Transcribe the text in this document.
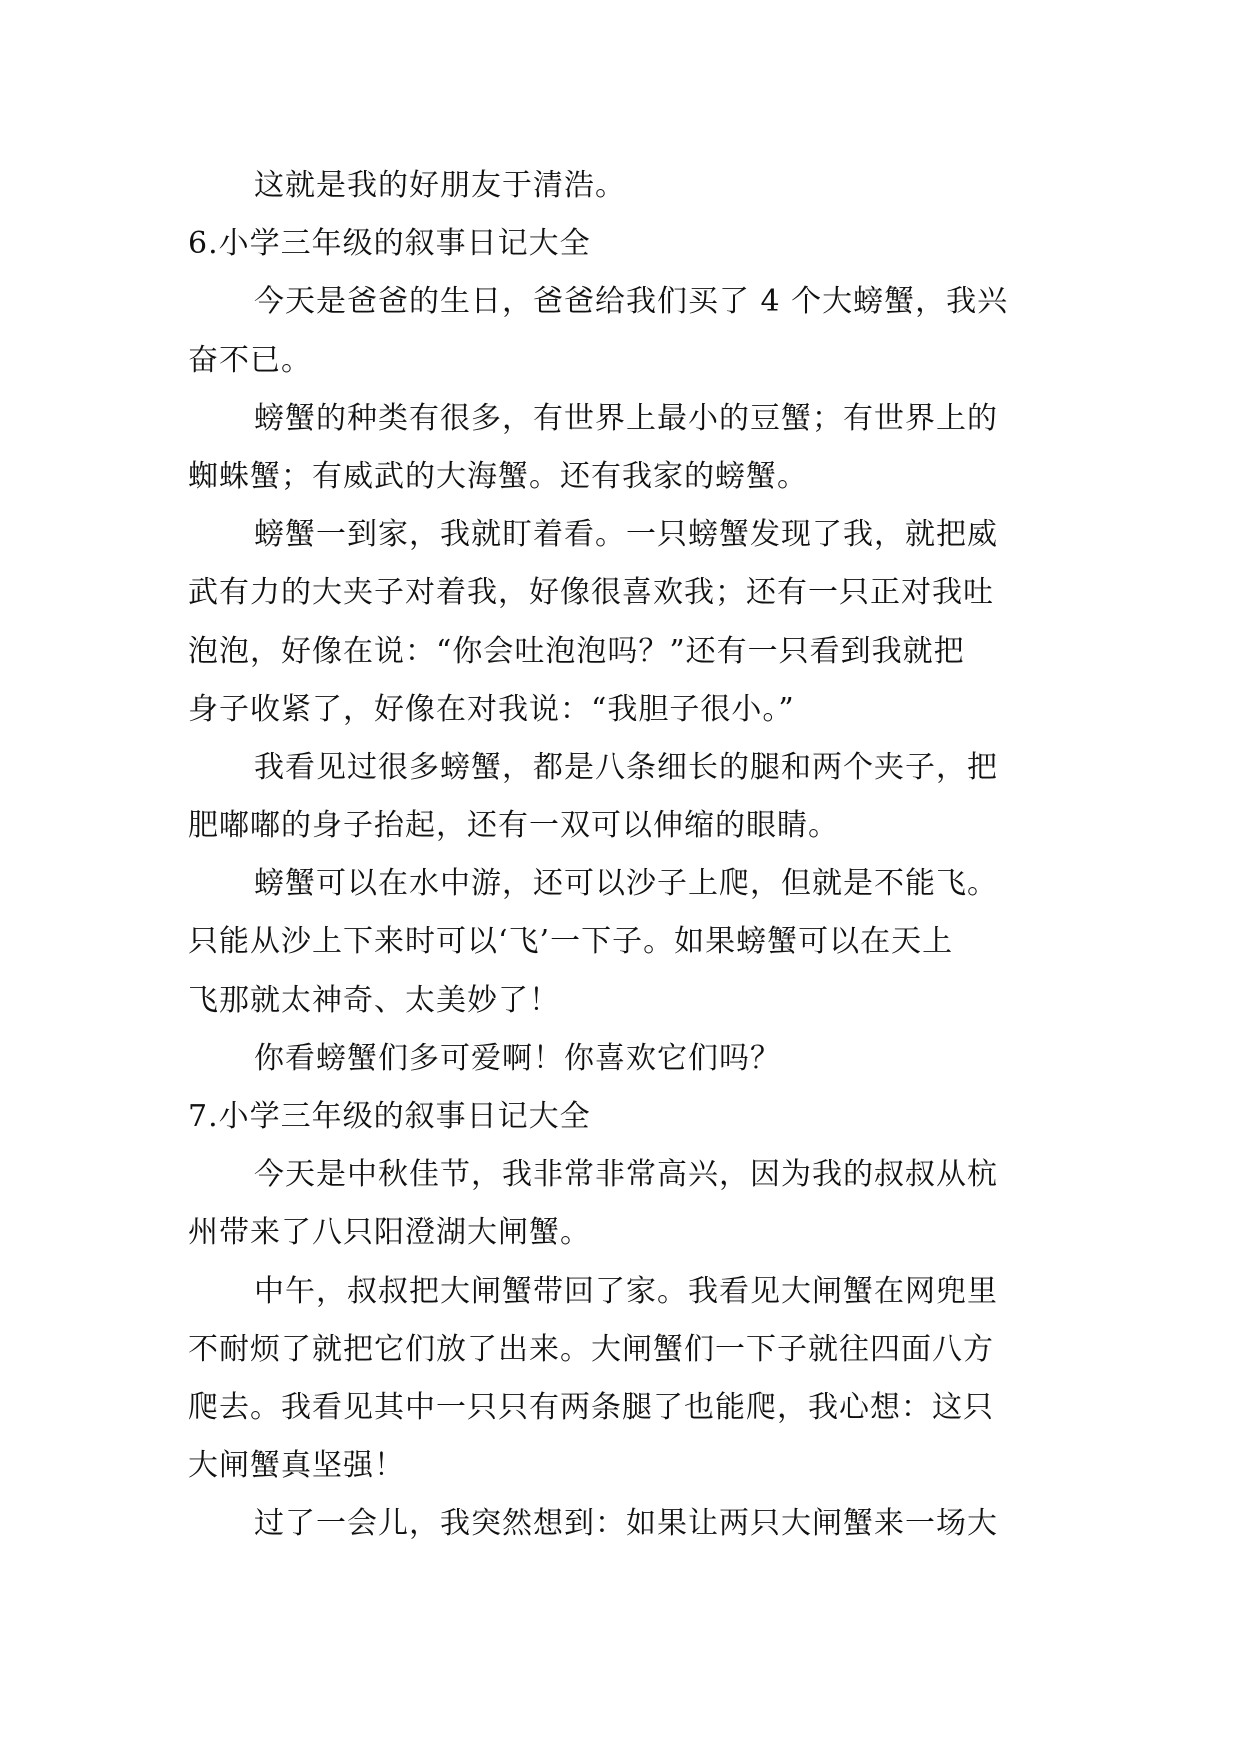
这就是我的好朋友于清浩。
6.小学三年级的叙事日记大全
今天是爸爸的生日，爸爸给我们买了 4 个大螃蟹，我兴
奋不已。
螃蟹的种类有很多，有世界上最小的豆蟹；有世界上的
蜘蛛蟹；有威武的大海蟹。还有我家的螃蟹。
螃蟹一到家，我就盯着看。一只螃蟹发现了我，就把威
武有力的大夹子对着我，好像很喜欢我；还有一只正对我吐
泡泡，好像在说：“你会吐泡泡吗？”还有一只看到我就把
身子收紧了，好像在对我说：“我胆子很小。”
我看见过很多螃蟹，都是八条细长的腿和两个夹子，把
肥嘟嘟的身子抬起，还有一双可以伸缩的眼睛。
螃蟹可以在水中游，还可以沙子上爬，但就是不能飞。
只能从沙上下来时可以‘飞’一下子。如果螃蟹可以在天上
飞那就太神奇、太美妙了！
你看螃蟹们多可爱啊！你喜欢它们吗？
7.小学三年级的叙事日记大全
今天是中秋佳节，我非常非常高兴，因为我的叔叔从杭
州带来了八只阳澄湖大闸蟹。
中午，叔叔把大闸蟹带回了家。我看见大闸蟹在网兜里
不耐烦了就把它们放了出来。大闸蟹们一下子就往四面八方
爬去。我看见其中一只只有两条腿了也能爬，我心想：这只
大闸蟹真坚强！
过了一会儿，我突然想到：如果让两只大闸蟹来一场大
